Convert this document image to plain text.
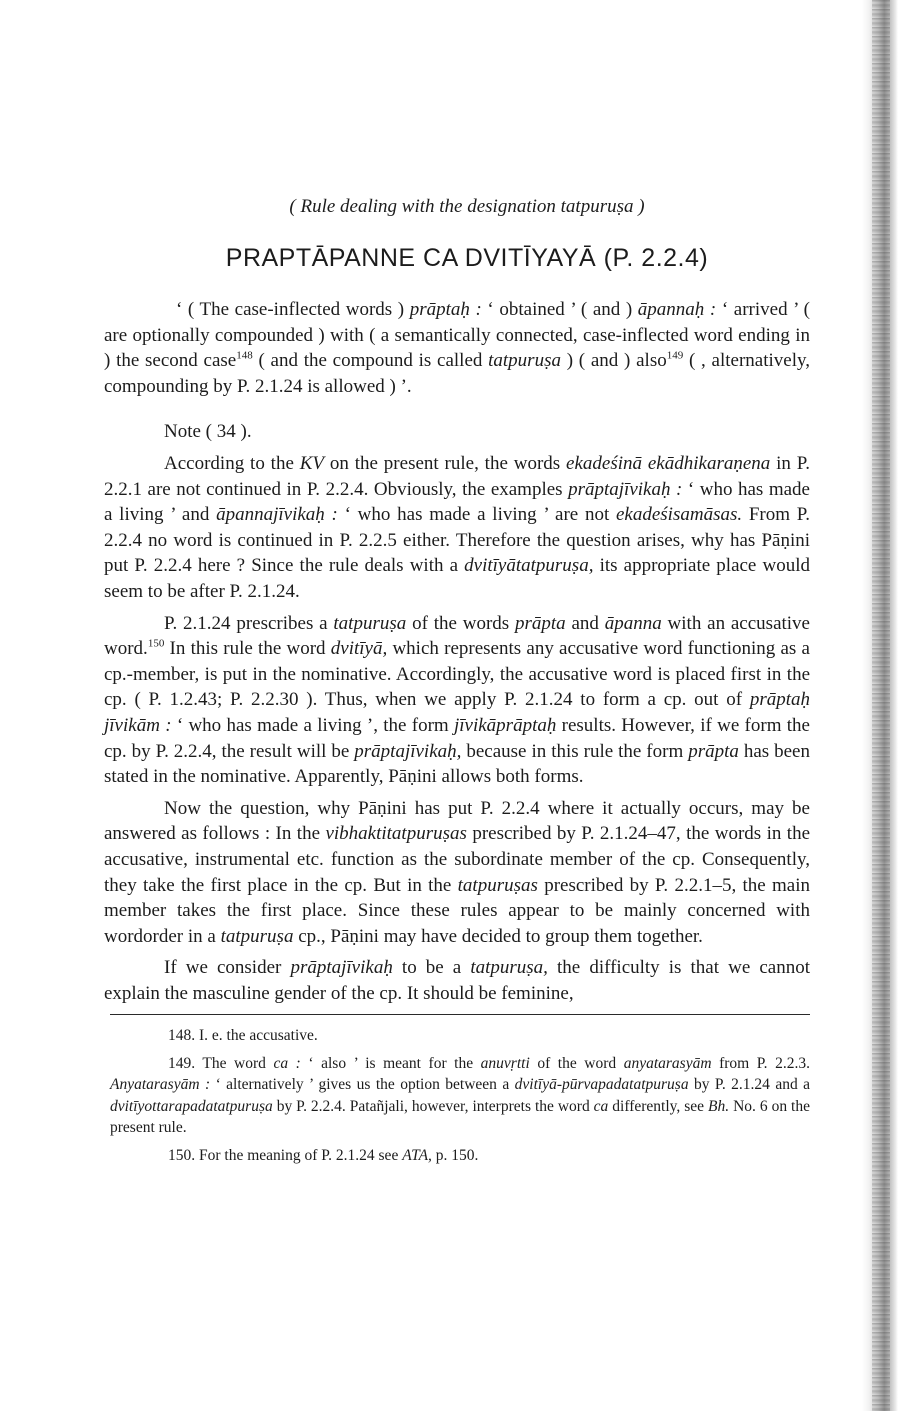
( Rule dealing with the designation tatpuruṣa )
PRAPTĀPANNE CA DVITĪYAYĀ (P. 2.2.4)

‘ ( The case-inflected words ) prāptaḥ : ‘ obtained ’ ( and ) āpannaḥ : ‘ arrived ’ ( are optionally compounded ) with ( a semantically connected, case-inflected word ending in ) the second case$^{148}$ ( and the compound is called tatpuruṣa ) ( and ) also$^{149}$ ( , alternatively, compounding by P. 2.1.24 is allowed ) ’.

Note ( 34 ).

According to the KV on the present rule, the words ekadeśinā ekādhikaraṇena in P. 2.2.1 are not continued in P. 2.2.4. Obviously, the examples prāptajīvikaḥ : ‘ who has made a living ’ and āpannajīvikaḥ : ‘ who has made a living ’ are not ekadeśisamāsas. From P. 2.2.4 no word is continued in P. 2.2.5 either. Therefore the question arises, why has Pāṇini put P. 2.2.4 here ? Since the rule deals with a dvitīyātatpuruṣa, its appropriate place would seem to be after P. 2.1.24.

P. 2.1.24 prescribes a tatpuruṣa of the words prāpta and āpanna with an accusative word.$^{150}$ In this rule the word dvitīyā, which represents any accusative word functioning as a cp.-member, is put in the nominative. Accordingly, the accusative word is placed first in the cp. ( P. 1.2.43; P. 2.2.30 ). Thus, when we apply P. 2.1.24 to form a cp. out of prāptaḥ jīvikām : ‘ who has made a living ’, the form jīvikāprāptaḥ results. However, if we form the cp. by P. 2.2.4, the result will be prāptajīvikaḥ, because in this rule the form prāpta has been stated in the nominative. Apparently, Pāṇini allows both forms.

Now the question, why Pāṇini has put P. 2.2.4 where it actually occurs, may be answered as follows : In the vibhaktitatpuruṣas prescribed by P. 2.1.24–47, the words in the accusative, instrumental etc. function as the subordinate member of the cp. Consequently, they take the first place in the cp. But in the tatpuruṣas prescribed by P. 2.2.1–5, the main member takes the first place. Since these rules appear to be mainly concerned with wordorder in a tatpuruṣa cp., Pāṇini may have decided to group them together.

If we consider prāptajīvikaḥ to be a tatpuruṣa, the difficulty is that we cannot explain the masculine gender of the cp. It should be feminine,

148. I. e. the accusative.

149. The word ca : ‘ also ’ is meant for the anuvṛtti of the word anyatarasyām from P. 2.2.3. Anyatarasyām : ‘ alternatively ’ gives us the option between a dvitīyā-pūrvapadatatpuruṣa by P. 2.1.24 and a dvitīyottarapadatatpuruṣa by P. 2.2.4. Patañjali, however, interprets the word ca differently, see Bh. No. 6 on the present rule.

150. For the meaning of P. 2.1.24 see ATA, p. 150.
